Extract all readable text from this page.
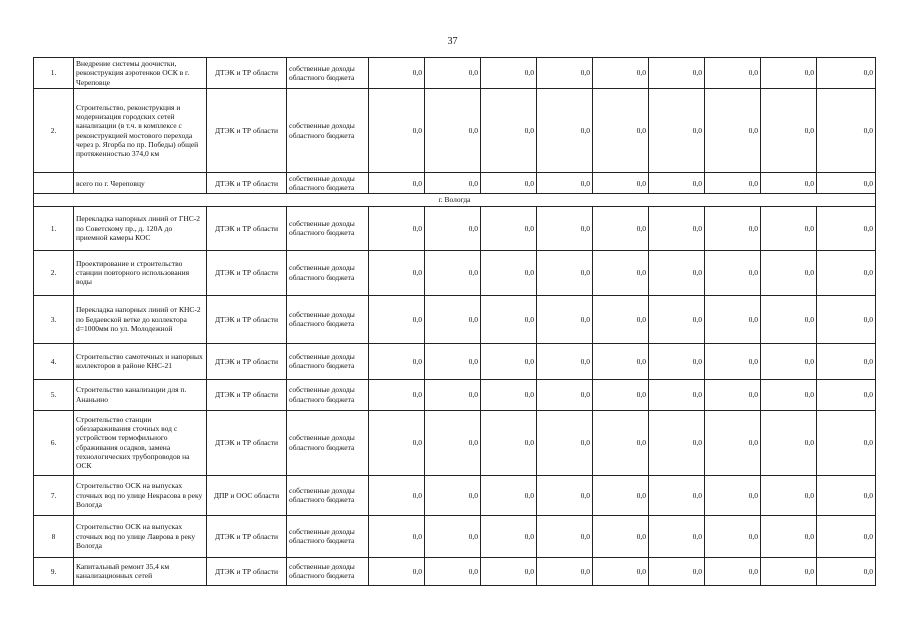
37
1.	Внедрение системы доочистки, реконструкция аэротенков ОСК в г. Череповце	ДТЭК и ТР области	собственные доходы областного бюджета	0,0	0,0	0,0	0,0	0,0	0,0	0,0	0,0	0,0
2.	Строительство, реконструкция и модернизация городских сетей канализации (в т.ч. в комплексе с реконструкцией мостового перехода через р. Ягорба по пр. Победы) общей протяженностью 374,0 км	ДТЭК и ТР области	собственные доходы областного бюджета	0,0	0,0	0,0	0,0	0,0	0,0	0,0	0,0	0,0
	всего по г. Череповцу	ДТЭК и ТР области	собственные доходы областного бюджета	0,0	0,0	0,0	0,0	0,0	0,0	0,0	0,0	0,0
г. Вологда												
1.	Перекладка напорных линий от ГНС-2 по Советскому пр., д. 120А до приемной камеры КОС	ДТЭК и ТР области	собственные доходы областного бюджета	0,0	0,0	0,0	0,0	0,0	0,0	0,0	0,0	0,0
2.	Проектирование и строительство станции повторного использования воды	ДТЭК и ТР области	собственные доходы областного бюджета	0,0	0,0	0,0	0,0	0,0	0,0	0,0	0,0	0,0
3.	Перекладка напорных линий от КНС-2 по Бедаевской ветке до коллектора d=1000мм по ул. Молодежной	ДТЭК и ТР области	собственные доходы областного бюджета	0,0	0,0	0,0	0,0	0,0	0,0	0,0	0,0	0,0
4.	Строительство самотечных и напорных коллекторов в районе КНС-21	ДТЭК и ТР области	собственные доходы областного бюджета	0,0	0,0	0,0	0,0	0,0	0,0	0,0	0,0	0,0
5.	Строительство канализации для п. Ананьино	ДТЭК и ТР области	собственные доходы областного бюджета	0,0	0,0	0,0	0,0	0,0	0,0	0,0	0,0	0,0
6.	Строительство станции обеззараживания сточных вод с устройством термофильного сбраживания осадков, замена технологических трубопроводов на ОСК	ДТЭК и ТР области	собственные доходы областного бюджета	0,0	0,0	0,0	0,0	0,0	0,0	0,0	0,0	0,0
7.	Строительство ОСК на выпусках сточных вод по улице Некрасова в реку Вологда	ДПР и ООС области	собственные доходы областного бюджета	0,0	0,0	0,0	0,0	0,0	0,0	0,0	0,0	0,0
8	Строительство ОСК на выпусках сточных вод по улице Лаврова в реку Вологда	ДТЭК и ТР области	собственные доходы областного бюджета	0,0	0,0	0,0	0,0	0,0	0,0	0,0	0,0	0,0
9.	Капитальный ремонт 35,4 км канализационных сетей	ДТЭК и ТР области	собственные доходы областного бюджета	0,0	0,0	0,0	0,0	0,0	0,0	0,0	0,0	0,0
